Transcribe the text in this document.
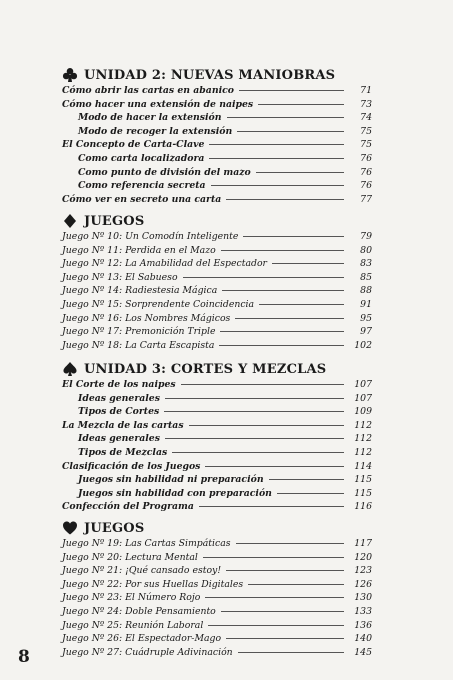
UNIDAD 2: NUEVAS MANIOBRAS
Cómo abrir las cartas en abanico	71
Cómo hacer una extensión de naipes	73
Modo de hacer la extensión	74
Modo de recoger la extensión	75
El Concepto de Carta-Clave	75
Como carta localizadora	76
Como punto de división del mazo	76
Como referencia secreta	76
Cómo ver en secreto una carta	77
JUEGOS
Juego Nº 10: Un Comodín Inteligente	79
Juego Nº 11: Perdida en el Mazo	80
Juego Nº 12: La Amabilidad del Espectador	83
Juego Nº 13: El Sabueso	85
Juego Nº 14: Radiestesia Mágica	88
Juego Nº 15: Sorprendente Coincidencia	91
Juego Nº 16: Los Nombres Mágicos	95
Juego Nº 17: Premonición Triple	97
Juego Nº 18: La Carta Escapista	102
UNIDAD 3: CORTES Y MEZCLAS
El Corte de los naipes	107
Ideas generales	107
Tipos de Cortes	109
La Mezcla de las cartas	112
Ideas generales	112
Tipos de Mezclas	112
Clasificación de los Juegos	114
Juegos sin habilidad ni preparación	115
Juegos sin habilidad con preparación	115
Confección del Programa	116
JUEGOS
Juego Nº 19: Las Cartas Simpáticas	117
Juego Nº 20: Lectura Mental	120
Juego Nº 21: ¡Qué cansado estoy!	123
Juego Nº 22: Por sus Huellas Digitales	126
Juego Nº 23: El Número Rojo	130
Juego Nº 24: Doble Pensamiento	133
Juego Nº 25: Reunión Laboral	136
Juego Nº 26: El Espectador-Mago	140
Juego Nº 27: Cuádruple Adivinación	145
8
